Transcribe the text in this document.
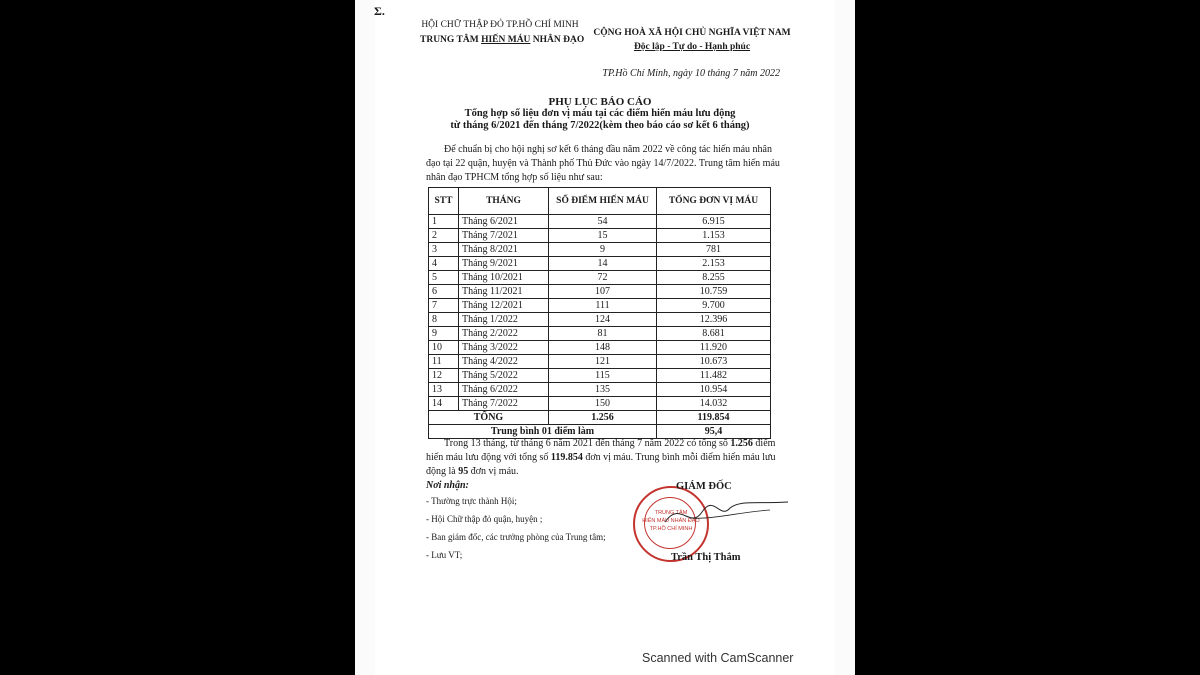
Σ.
HỘI CHỮ THẬP ĐỎ TP.HỒ CHÍ MINH
TRUNG TÂM HIẾN MÁU NHÂN ĐẠO
CỘNG HOÀ XÃ HỘI CHỦ NGHĨA VIỆT NAM
Độc lập - Tự do - Hạnh phúc
TP.Hồ Chí Minh, ngày 10 tháng 7 năm 2022
PHỤ LỤC BÁO CÁO
Tổng hợp số liệu đơn vị máu tại các điểm hiến máu lưu động
từ tháng 6/2021 đến tháng 7/2022(kèm theo báo cáo sơ kết 6 tháng)
Để chuẩn bị cho hội nghị sơ kết 6 tháng đầu năm 2022 về công tác hiến máu nhân đạo tại 22 quận, huyện và Thành phố Thủ Đức vào ngày 14/7/2022. Trung tâm hiến máu nhân đạo TPHCM tổng hợp số liệu như sau:
STT	THÁNG	SỐ ĐIỂM HIẾN MÁU	TỔNG ĐƠN VỊ MÁU
1	Tháng 6/2021	54	6.915
2	Tháng 7/2021	15	1.153
3	Tháng 8/2021	9	781
4	Tháng 9/2021	14	2.153
5	Tháng 10/2021	72	8.255
6	Tháng 11/2021	107	10.759
7	Tháng 12/2021	111	9.700
8	Tháng 1/2022	124	12.396
9	Tháng 2/2022	81	8.681
10	Tháng 3/2022	148	11.920
11	Tháng 4/2022	121	10.673
12	Tháng 5/2022	115	11.482
13	Tháng 6/2022	135	10.954
14	Tháng 7/2022	150	14.032
TỔNG		1.256	119.854
Trung bình 01 điểm làm			95,4
Trong 13 tháng, từ tháng 6 năm 2021 đến tháng 7 năm 2022 có tổng số 1.256 điểm hiến máu lưu động với tổng số 119.854 đơn vị máu. Trung bình mỗi điểm hiến máu lưu động là 95 đơn vị máu.
Nơi nhận:
- Thường trực thành Hội;
- Hội Chữ thập đỏ quận, huyện ;
- Ban giám đốc, các trưởng phòng của Trung tâm;
- Lưu VT;
TRUNG TÂM
HIẾN MÁU NHÂN ĐẠO
TP.HỒ CHÍ MINH
GIÁM ĐỐC
Trần Thị Thắm
Scanned with CamScanner
